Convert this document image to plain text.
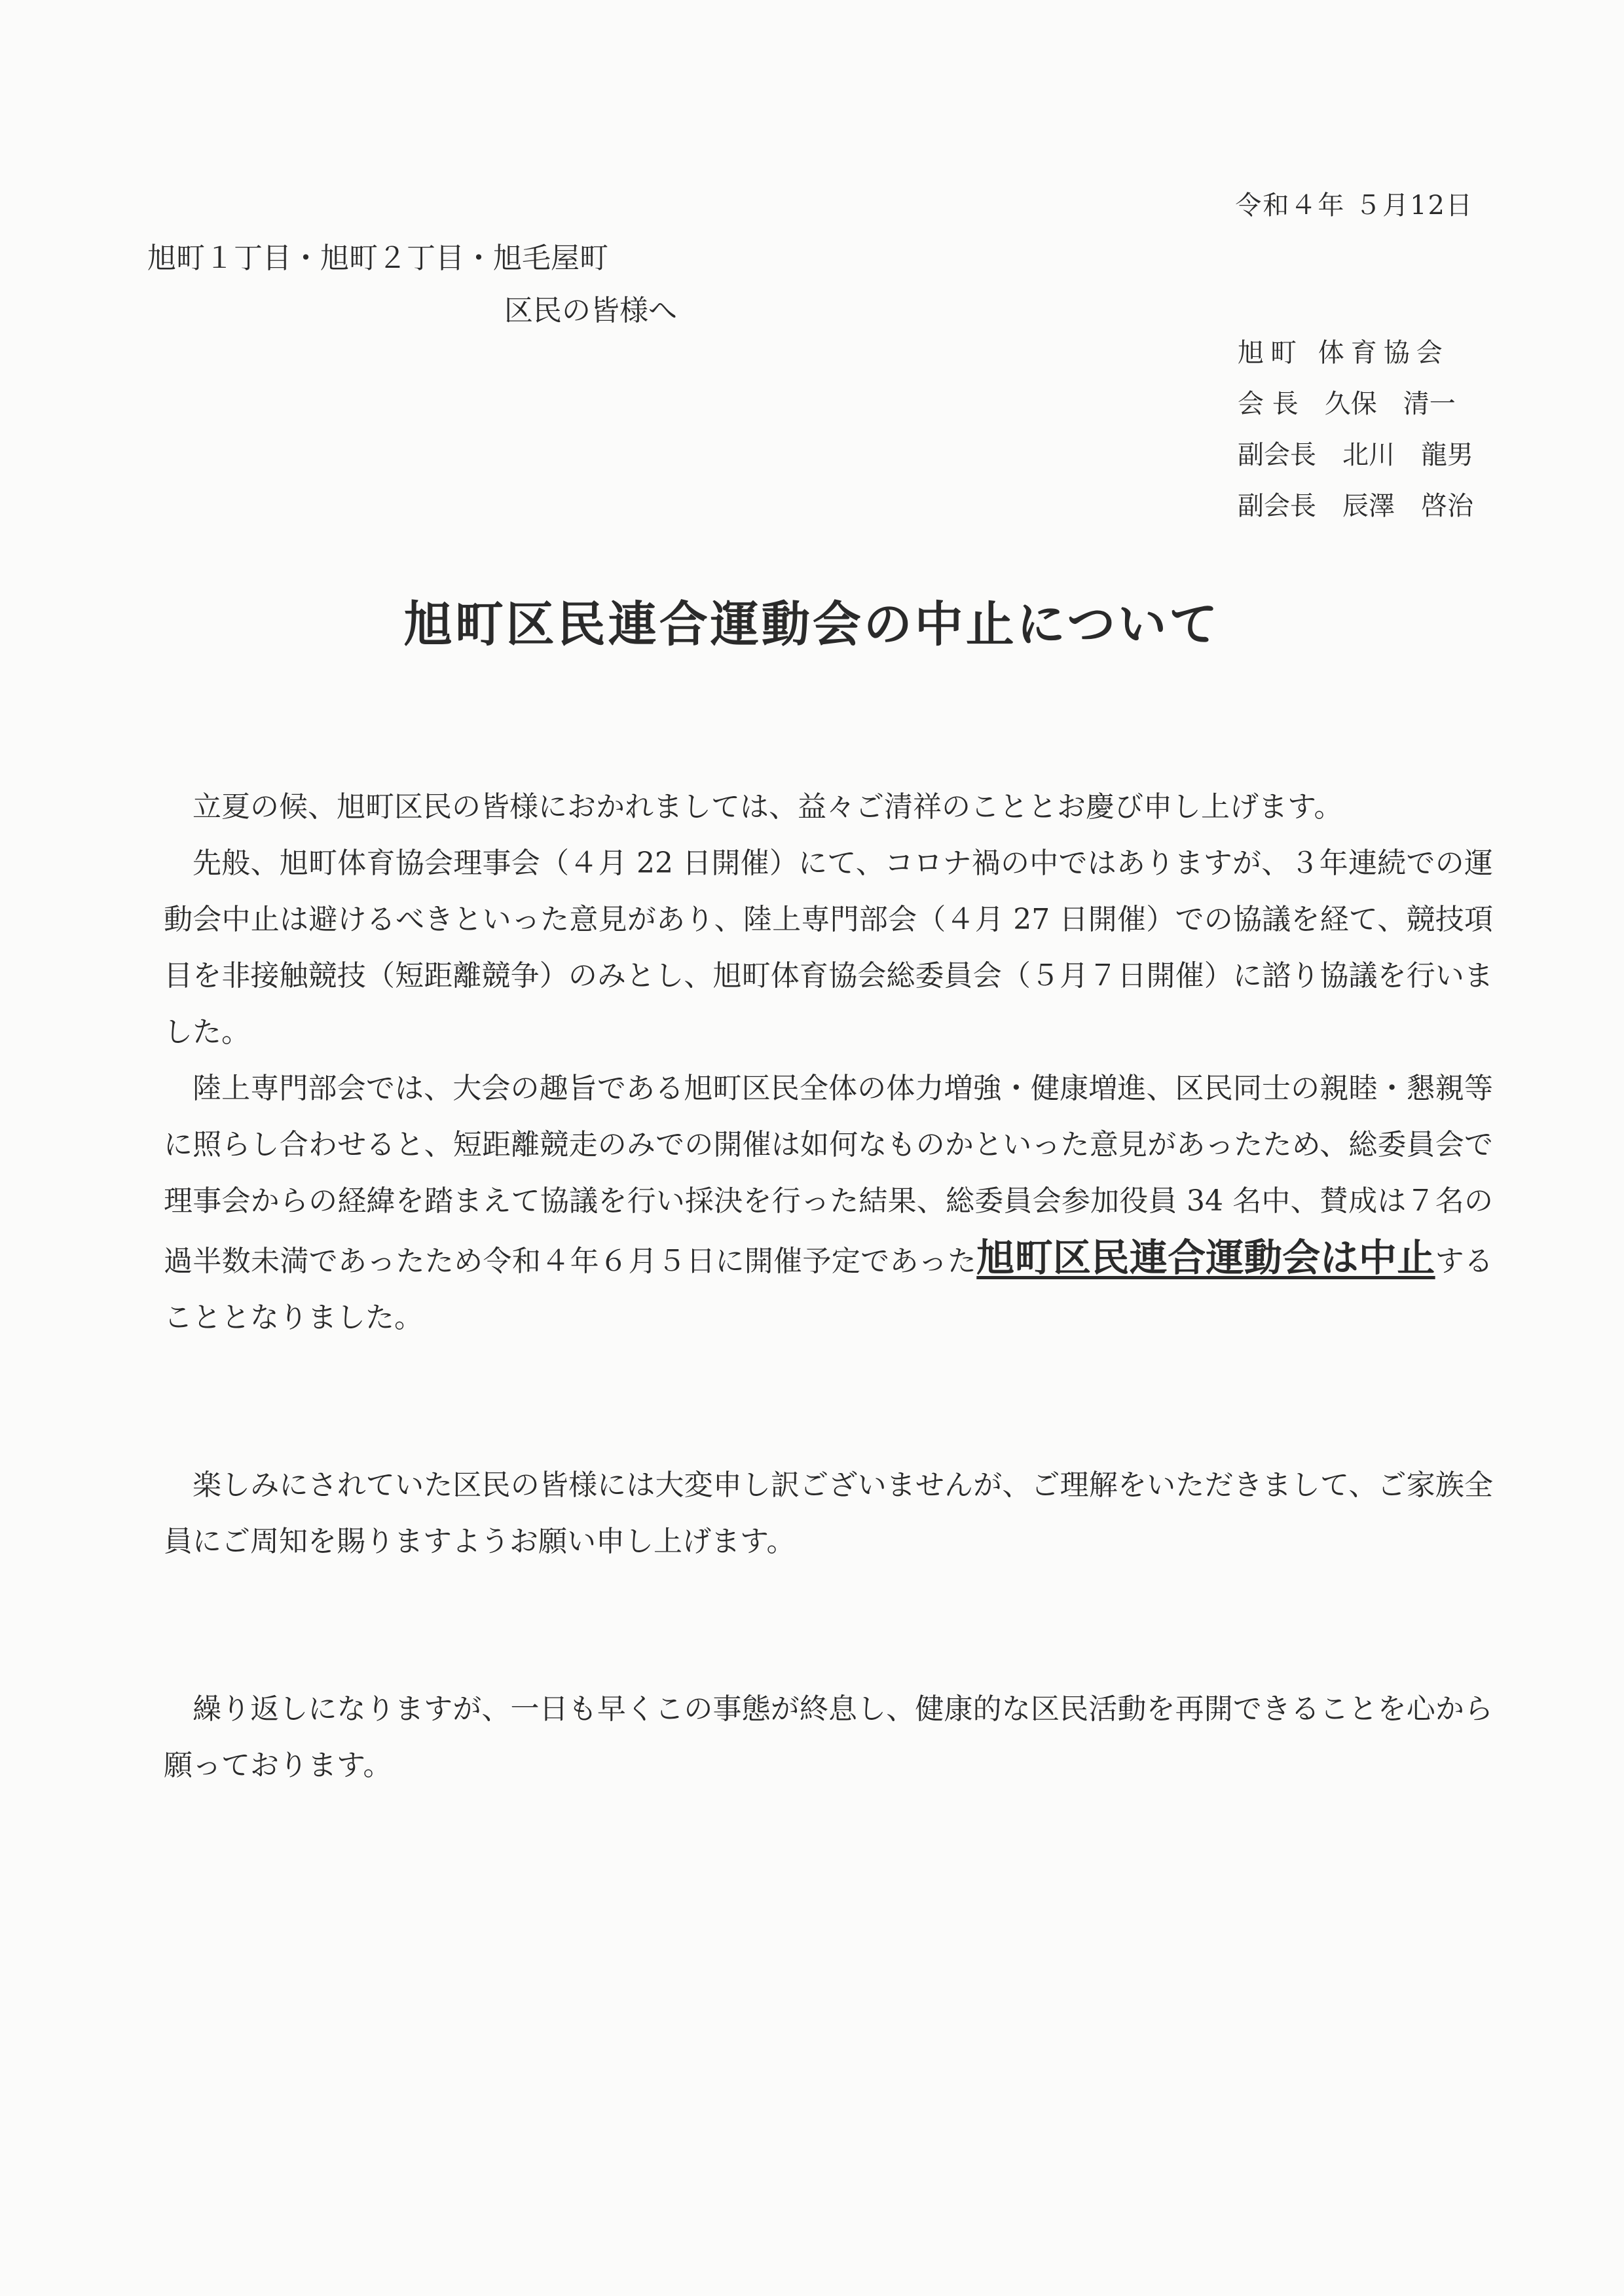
令和４年 ５月12日
旭町１丁目・旭町２丁目・旭毛屋町
区民の皆様へ
旭町 体育協会
会 長　久保　清一
副会長　北川　龍男
副会長　辰澤　啓治
旭町区民連合運動会の中止について

立夏の候、旭町区民の皆様におかれましては、益々ご清祥のこととお慶び申し上げます。

先般、旭町体育協会理事会（４月 22 日開催）にて、コロナ禍の中ではありますが、３年連続での運動会中止は避けるべきといった意見があり、陸上専門部会（４月 27 日開催）での協議を経て、競技項目を非接触競技（短距離競争）のみとし、旭町体育協会総委員会（５月７日開催）に諮り協議を行いました。

陸上専門部会では、大会の趣旨である旭町区民全体の体力増強・健康増進、区民同士の親睦・懇親等に照らし合わせると、短距離競走のみでの開催は如何なものかといった意見があったため、総委員会で理事会からの経緯を踏まえて協議を行い採決を行った結果、総委員会参加役員 34 名中、賛成は７名の過半数未満であったため令和４年６月５日に開催予定であった旭町区民連合運動会は中止することとなりました。

楽しみにされていた区民の皆様には大変申し訳ございませんが、ご理解をいただきまして、ご家族全員にご周知を賜りますようお願い申し上げます。

繰り返しになりますが、一日も早くこの事態が終息し、健康的な区民活動を再開できることを心から願っております。
